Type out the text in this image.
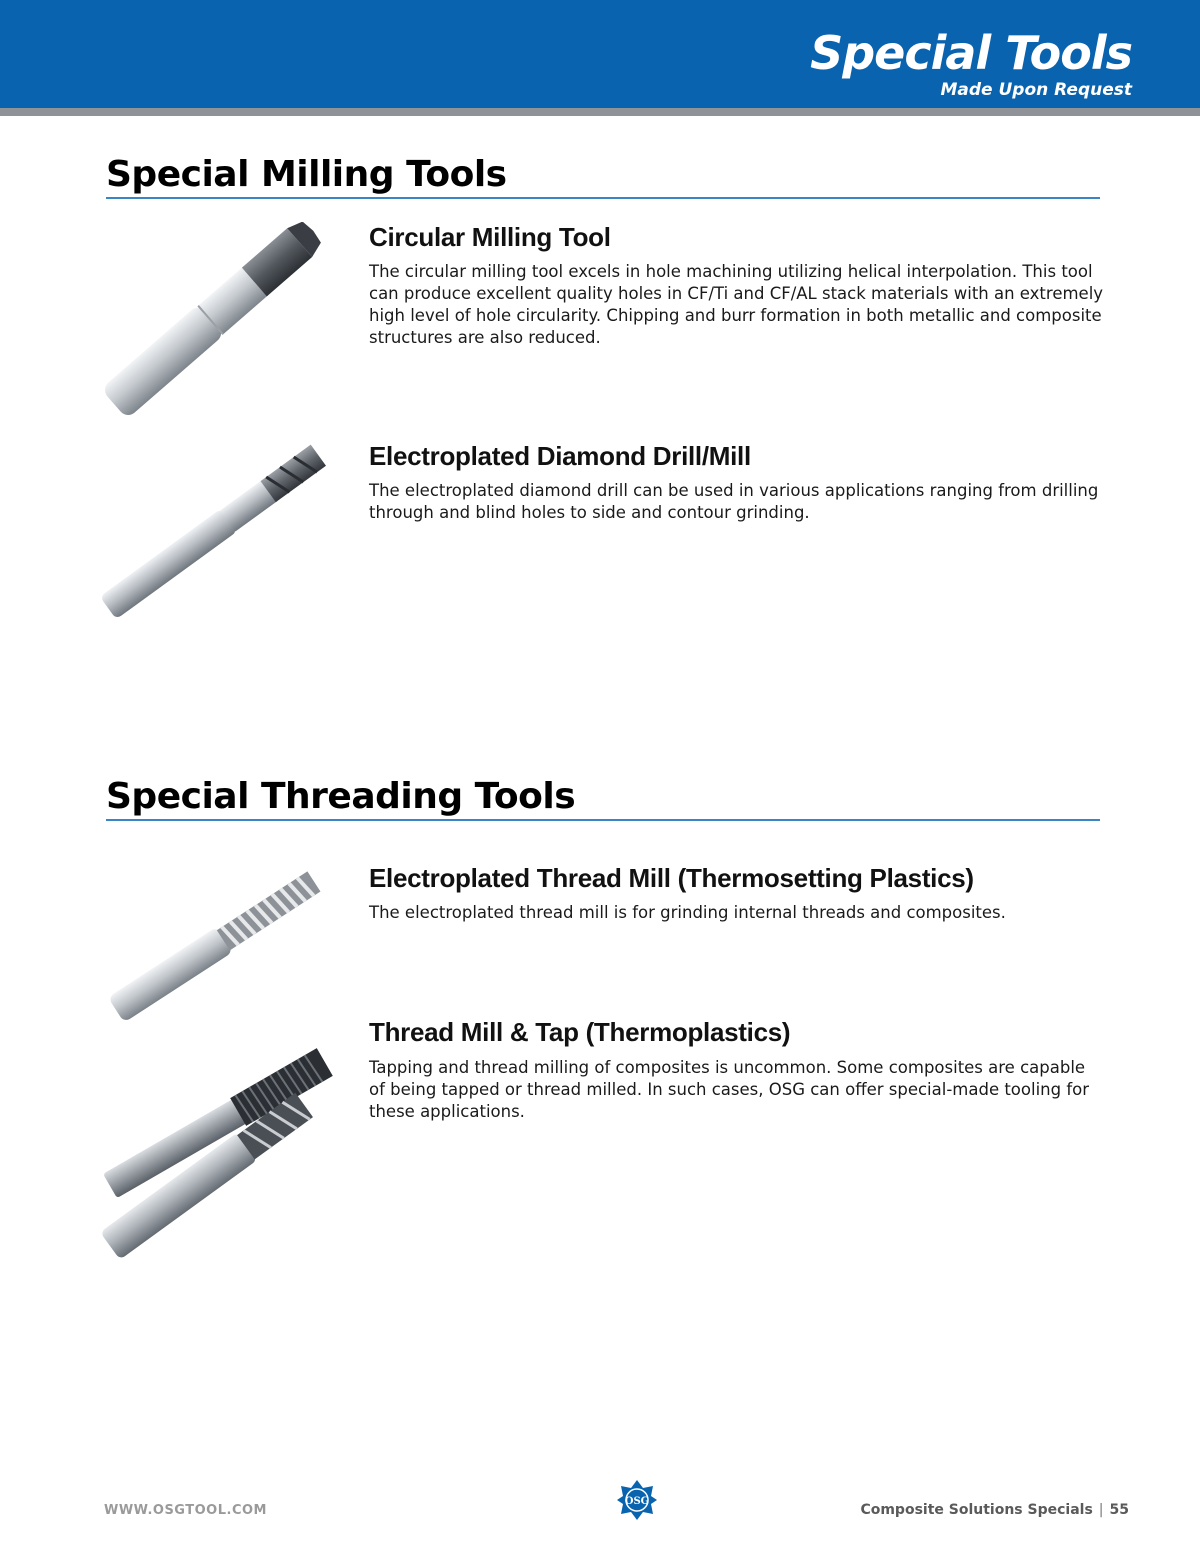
Special Tools
Made Upon Request
Special Milling Tools
Circular Milling Tool
The circular milling tool excels in hole machining utilizing helical interpolation. This tool can produce excellent quality holes in CF/Ti and CF/AL stack materials with an extremely high level of hole circularity. Chipping and burr formation in both metallic and composite structures are also reduced.
Electroplated Diamond Drill/Mill
The electroplated diamond drill can be used in various applications ranging from drilling through and blind holes to side and contour grinding.
Special Threading Tools
Electroplated Thread Mill (Thermosetting Plastics)
The electroplated thread mill is for grinding internal threads and composites.
Thread Mill & Tap (Thermoplastics)
Tapping and thread milling of composites is uncommon. Some composites are capable of being tapped or thread milled. In such cases, OSG can offer special-made tooling for these applications.
WWW.OSGTOOL.COM
OSG
Composite Solutions Specials | 55
